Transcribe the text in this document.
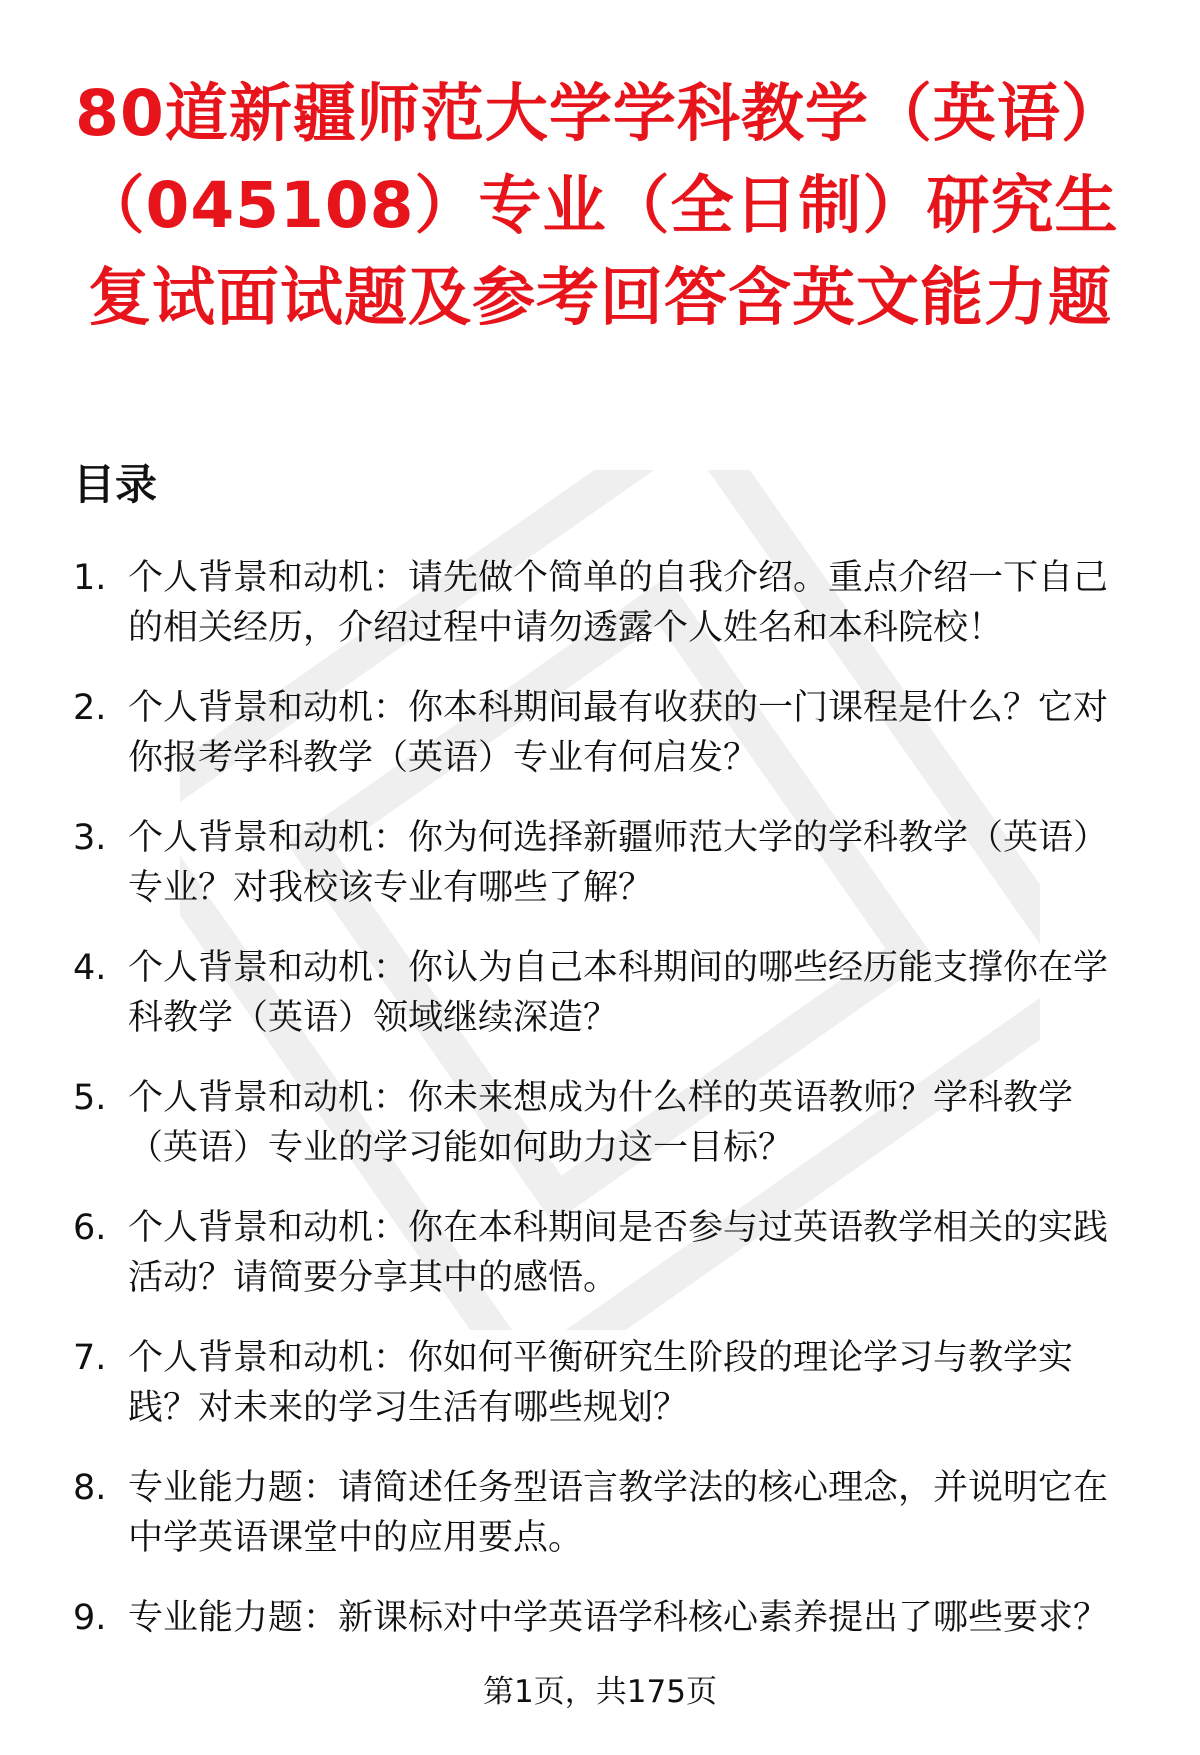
80道新疆师范大学学科教学（英语）（045108）专业（全日制）研究生复试面试题及参考回答含英文能力题
目录
1. 个人背景和动机：请先做个简单的自我介绍。重点介绍一下自己的相关经历，介绍过程中请勿透露个人姓名和本科院校！
2. 个人背景和动机：你本科期间最有收获的一门课程是什么？它对你报考学科教学（英语）专业有何启发？
3. 个人背景和动机：你为何选择新疆师范大学的学科教学（英语）专业？对我校该专业有哪些了解？
4. 个人背景和动机：你认为自己本科期间的哪些经历能支撑你在学科教学（英语）领域继续深造？
5. 个人背景和动机：你未来想成为什么样的英语教师？学科教学（英语）专业的学习能如何助力这一目标？
6. 个人背景和动机：你在本科期间是否参与过英语教学相关的实践活动？请简要分享其中的感悟。
7. 个人背景和动机：你如何平衡研究生阶段的理论学习与教学实践？对未来的学习生活有哪些规划？
8. 专业能力题：请简述任务型语言教学法的核心理念，并说明它在中学英语课堂中的应用要点。
9. 专业能力题：新课标对中学英语学科核心素养提出了哪些要求？
第1页，共175页
